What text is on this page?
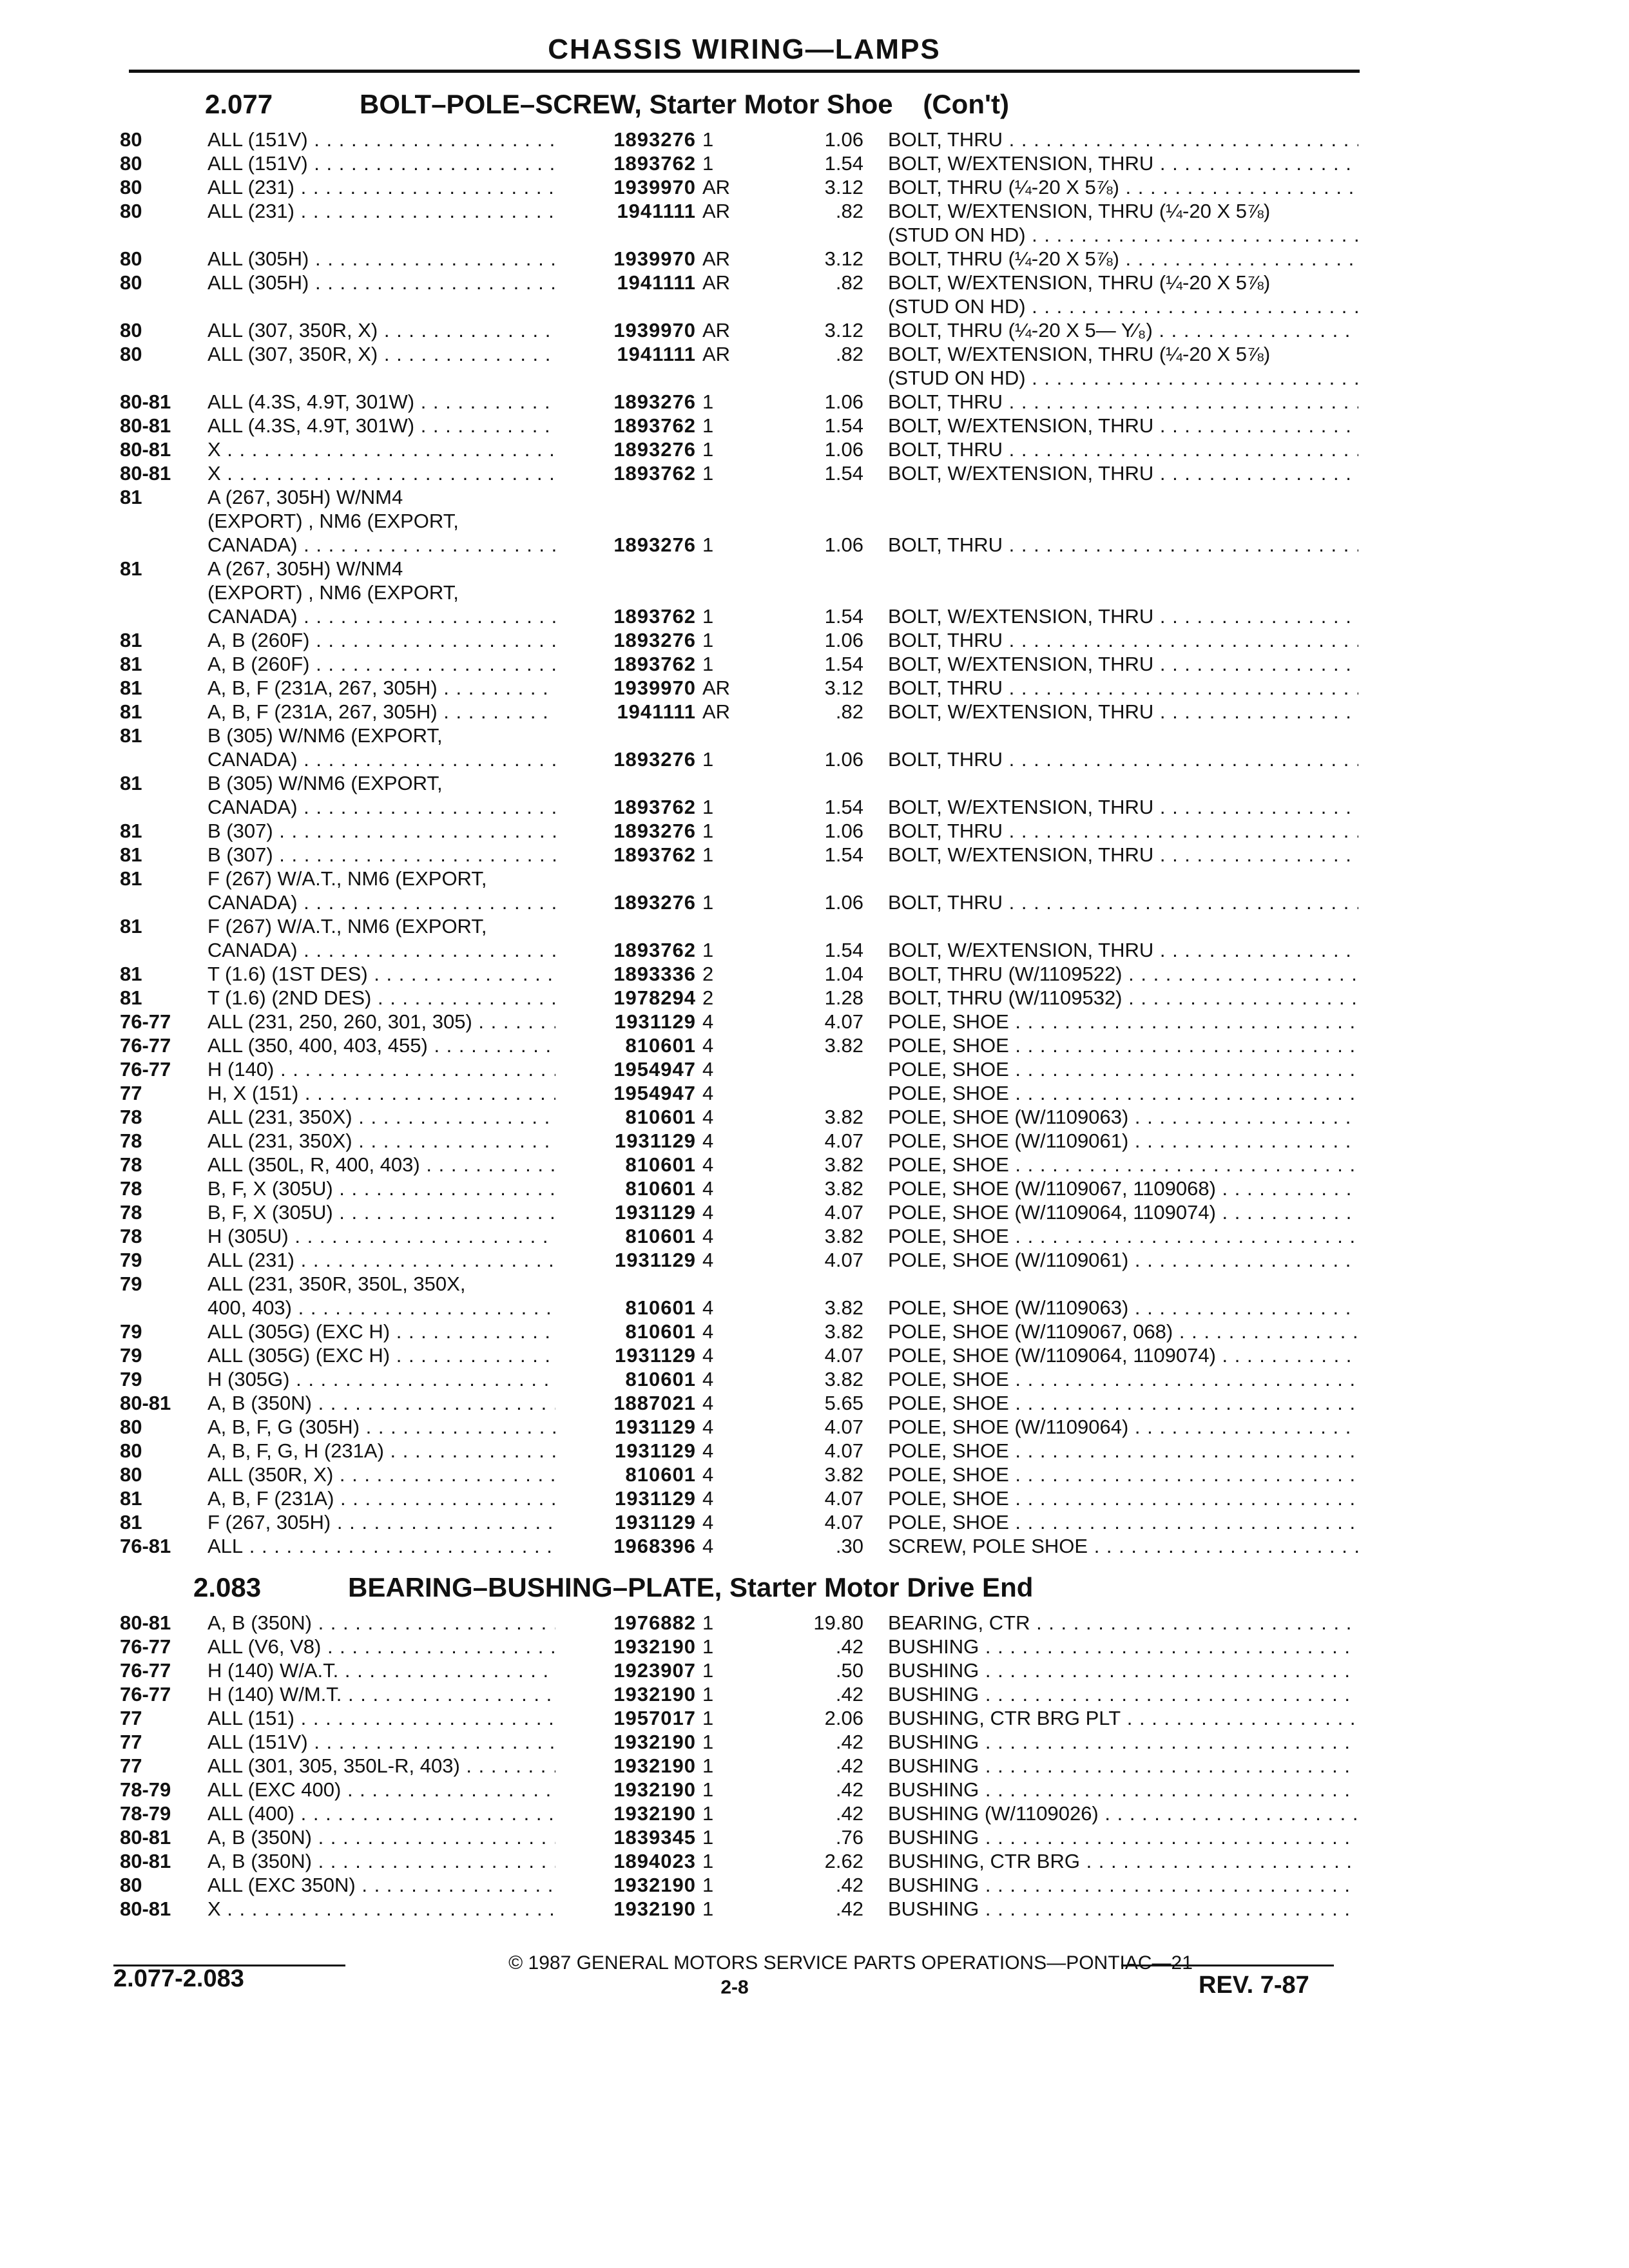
CHASSIS WIRING—LAMPS
2.077	BOLT–POLE–SCREW, Starter Motor Shoe (Con't)
80	ALL (151V) . . .	1893276 1	1.06 BOLT, THRU . . .
80	ALL (151V) . . .	1893762 1	1.54 BOLT, W/EXTENSION, THRU . . .
80	ALL (231) . . .	1939970 AR	3.12 BOLT, THRU (¼-20 X 5⅞) . . .
80	ALL (231) . . .	1941111 AR	.82 BOLT, W/EXTENSION, THRU (¼-20 X 5⅞)
(STUD ON HD) . . .
80	ALL (305H) . . .	1939970 AR	3.12 BOLT, THRU (¼-20 X 5⅞) . . .
80	ALL (305H) . . .	1941111 AR	.82 BOLT, W/EXTENSION, THRU (¼-20 X 5⅞)
(STUD ON HD) . . .
80	ALL (307, 350R, X) . . .	1939970 AR	3.12 BOLT, THRU (¼-20 X 5— Y⁄₈) . . .
80	ALL (307, 350R, X) . . .	1941111 AR	.82 BOLT, W/EXTENSION, THRU (¼-20 X 5⅞)
(STUD ON HD) . . .
80-81	ALL (4.3S, 4.9T, 301W) . . .	1893276 1	1.06 BOLT, THRU . . .
80-81	ALL (4.3S, 4.9T, 301W) . . .	1893762 1	1.54 BOLT, W/EXTENSION, THRU . . .
80-81	X . . .	1893276 1	1.06 BOLT, THRU . . .
80-81	X . . .	1893762 1	1.54 BOLT, W/EXTENSION, THRU . . .
81	A (267, 305H) W/NM4
(EXPORT) , NM6 (EXPORT,
CANADA) . . .	1893276 1	1.06 BOLT, THRU . . .
81	A (267, 305H) W/NM4
(EXPORT) , NM6 (EXPORT,
CANADA) . . .	1893762 1	1.54 BOLT, W/EXTENSION, THRU . . .
81	A, B (260F) . . .	1893276 1	1.06 BOLT, THRU . . .
81	A, B (260F) . . .	1893762 1	1.54 BOLT, W/EXTENSION, THRU . . .
81	A, B, F (231A, 267, 305H) . . .	1939970 AR	3.12 BOLT, THRU . . .
81	A, B, F (231A, 267, 305H) . . .	1941111 AR	.82 BOLT, W/EXTENSION, THRU . . .
81	B (305) W/NM6 (EXPORT,
CANADA) . . .	1893276 1	1.06 BOLT, THRU . . .
81	B (305) W/NM6 (EXPORT,
CANADA) . . .	1893762 1	1.54 BOLT, W/EXTENSION, THRU . . .
81	B (307) . . .	1893276 1	1.06 BOLT, THRU . . .
81	B (307) . . .	1893762 1	1.54 BOLT, W/EXTENSION, THRU . . .
81	F (267) W/A.T., NM6 (EXPORT,
CANADA) . . .	1893276 1	1.06 BOLT, THRU . . .
81	F (267) W/A.T., NM6 (EXPORT,
CANADA) . . .	1893762 1	1.54 BOLT, W/EXTENSION, THRU . . .
81	T (1.6) (1ST DES) . . .	1893336 2	1.04 BOLT, THRU (W/1109522) . . .
81	T (1.6) (2ND DES) . . .	1978294 2	1.28 BOLT, THRU (W/1109532) . . .
76-77	ALL (231, 250, 260, 301, 305) . . .	1931129 4	4.07 POLE, SHOE . . .
76-77	ALL (350, 400, 403, 455) . . .	810601 4	3.82 POLE, SHOE . . .
76-77	H (140) . . .	1954947 4	POLE, SHOE . . .
77	H, X (151) . . .	1954947 4	POLE, SHOE . . .
78	ALL (231, 350X) . . .	810601 4	3.82 POLE, SHOE (W/1109063) . . .
78	ALL (231, 350X) . . .	1931129 4	4.07 POLE, SHOE (W/1109061) . . .
78	ALL (350L, R, 400, 403) . . .	810601 4	3.82 POLE, SHOE . . .
78	B, F, X (305U) . . .	810601 4	3.82 POLE, SHOE (W/1109067, 1109068) . . .
78	B, F, X (305U) . . .	1931129 4	4.07 POLE, SHOE (W/1109064, 1109074) . . .
78	H (305U) . . .	810601 4	3.82 POLE, SHOE . . .
79	ALL (231) . . .	1931129 4	4.07 POLE, SHOE (W/1109061) . . .
79	ALL (231, 350R, 350L, 350X,
400, 403) . . .	810601 4	3.82 POLE, SHOE (W/1109063) . . .
79	ALL (305G) (EXC H) . . .	810601 4	3.82 POLE, SHOE (W/1109067, 068) . . .
79	ALL (305G) (EXC H) . . .	1931129 4	4.07 POLE, SHOE (W/1109064, 1109074) . . .
79	H (305G) . . .	810601 4	3.82 POLE, SHOE . . .
80-81	A, B (350N) . . .	1887021 4	5.65 POLE, SHOE . . .
80	A, B, F, G (305H) . . .	1931129 4	4.07 POLE, SHOE (W/1109064) . . .
80	A, B, F, G, H (231A) . . .	1931129 4	4.07 POLE, SHOE . . .
80	ALL (350R, X) . . .	810601 4	3.82 POLE, SHOE . . .
81	A, B, F (231A) . . .	1931129 4	4.07 POLE, SHOE . . .
81	F (267, 305H) . . .	1931129 4	4.07 POLE, SHOE . . .
76-81	ALL . . .	1968396 4	.30 SCREW, POLE SHOE . . .
2.083	BEARING–BUSHING–PLATE, Starter Motor Drive End
80-81	A, B (350N) . . .	1976882 1	19.80 BEARING, CTR . . .
76-77	ALL (V6, V8) . . .	1932190 1	.42 BUSHING . . .
76-77	H (140) W/A.T. . . .	1923907 1	.50 BUSHING . . .
76-77	H (140) W/M.T. . . .	1932190 1	.42 BUSHING . . .
77	ALL (151) . . .	1957017 1	2.06 BUSHING, CTR BRG PLT . . .
77	ALL (151V) . . .	1932190 1	.42 BUSHING . . .
77	ALL (301, 305, 350L-R, 403) . . .	1932190 1	.42 BUSHING . . .
78-79	ALL (EXC 400) . . .	1932190 1	.42 BUSHING . . .
78-79	ALL (400) . . .	1932190 1	.42 BUSHING (W/1109026) . . .
80-81	A, B (350N) . . .	1839345 1	.76 BUSHING . . .
80-81	A, B (350N) . . .	1894023 1	2.62 BUSHING, CTR BRG . . .
80	ALL (EXC 350N) . . .	1932190 1	.42 BUSHING . . .
80-81	X . . .	1932190 1	.42 BUSHING . . .
2.077-2.083
© 1987 GENERAL MOTORS SERVICE PARTS OPERATIONS—PONTIAC—21
2-8	REV. 7-87
